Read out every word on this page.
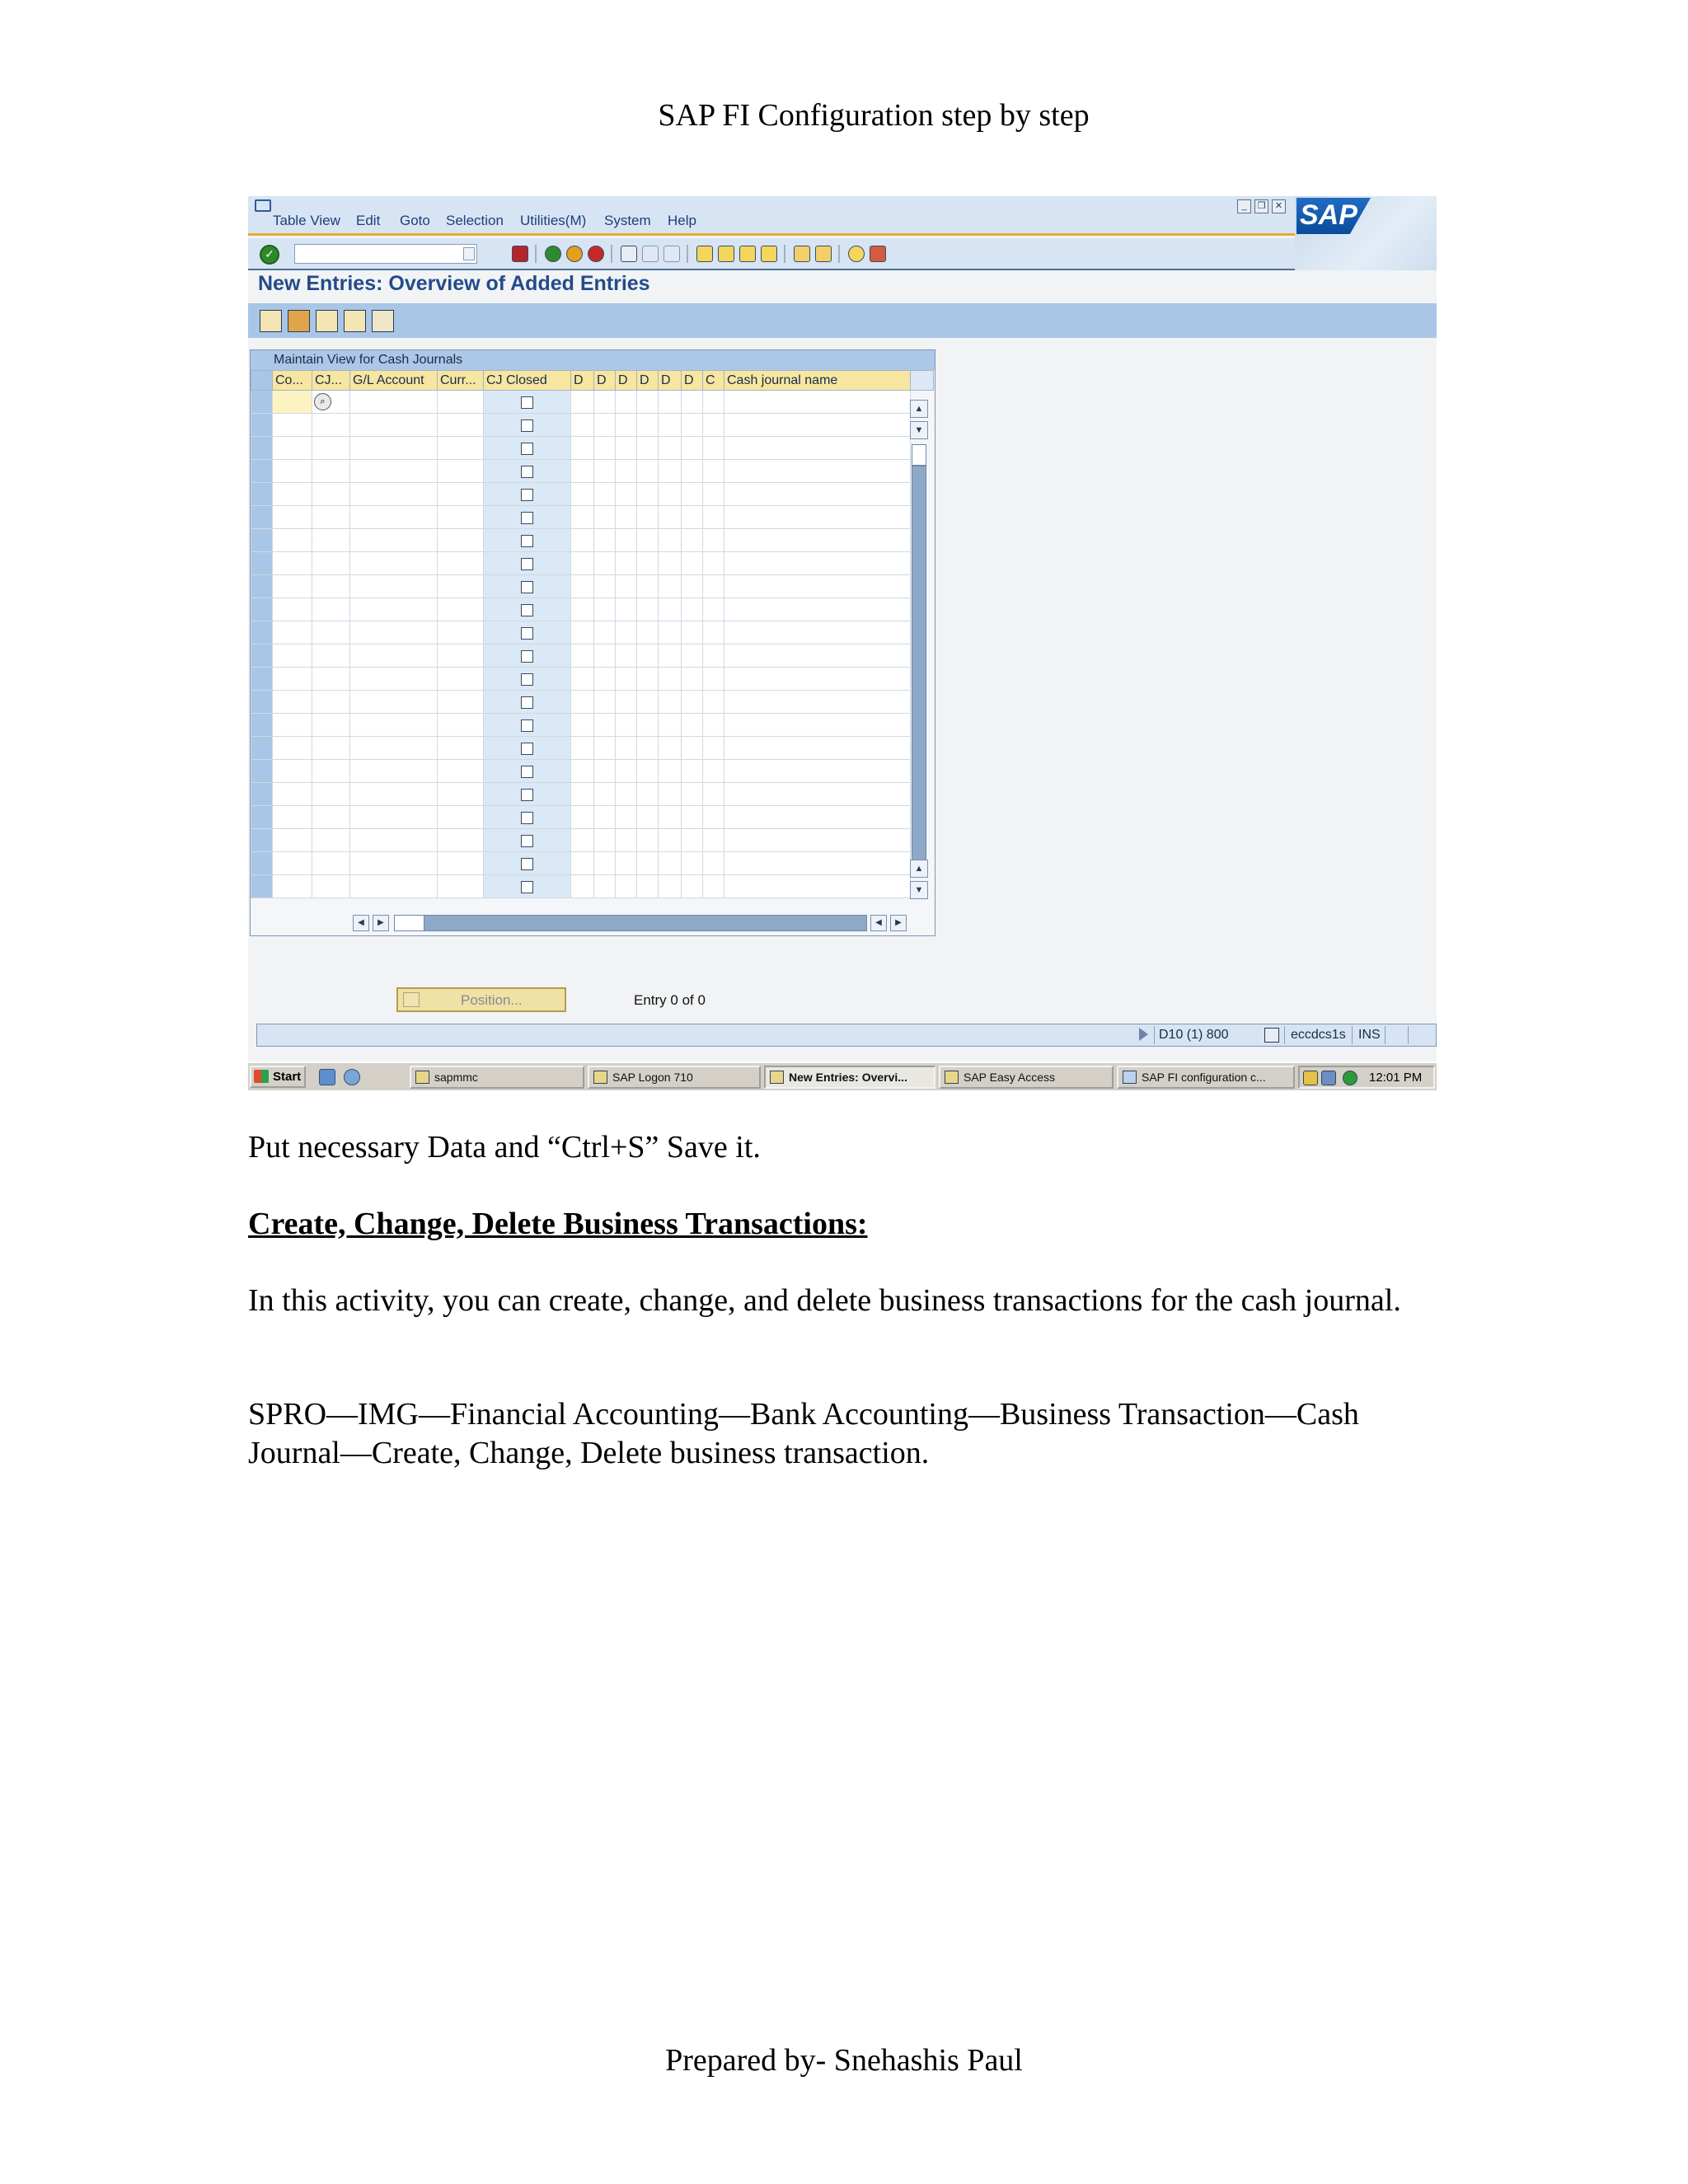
SAP FI Configuration step by step
Table View Edit Goto Selection Utilities(M) System Help
_	❐	✕ SAP
✓
New Entries: Overview of Added Entries
Maintain View for Cash Journals
	Co...	CJ...	G/L Account	Curr...	CJ Closed	D	D	D	D	D	D	C	Cash journal name	
		⌕												

▲
▼
▲
▼
◀	▶	◀	▶
Position...	Entry 0 of 0
D10 (1) 800	eccdcs1s INS
Start	sapmmc	SAP Logon 710	New Entries: Overvi...	SAP Easy Access	SAP FI configuration c...	12:01 PM
Put necessary Data and “Ctrl+S” Save it.
Create, Change, Delete Business Transactions:
In this activity, you can create, change, and delete business transactions for the cash journal.
SPRO—IMG—Financial Accounting—Bank Accounting—Business Transaction—Cash Journal—Create, Change, Delete business transaction.
Prepared by- Snehashis Paul
